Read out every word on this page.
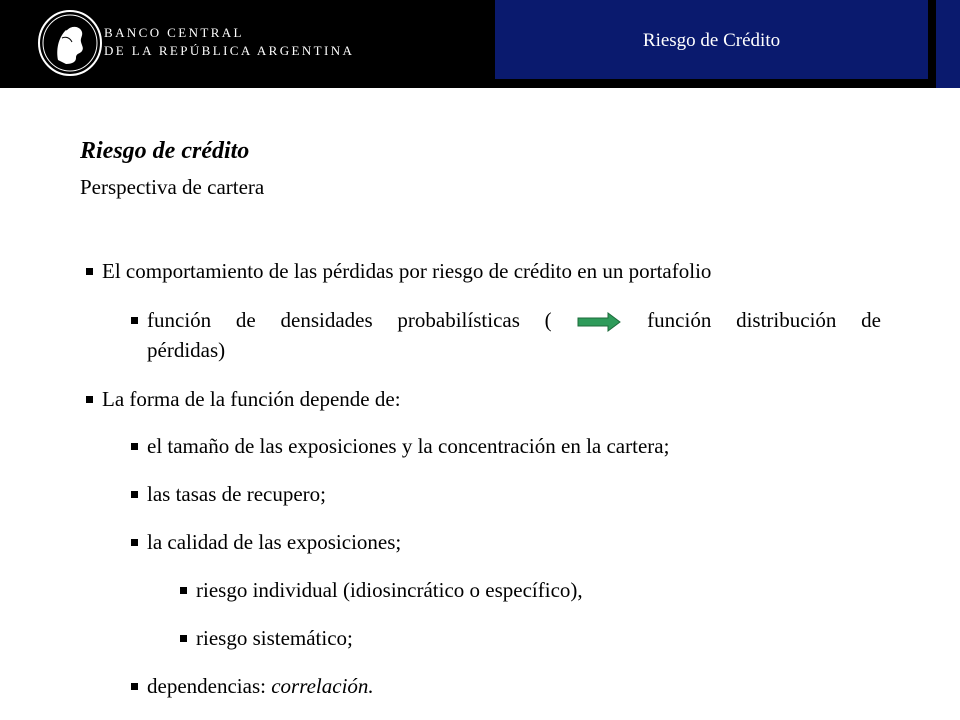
BANCO CENTRAL
DE LA REPÚBLICA ARGENTINA	Riesgo de Crédito
Riesgo de crédito
Perspectiva de cartera
El comportamiento de las pérdidas por riesgo de crédito en un portafolio
función de densidades probabilísticas (	función distribución de
pérdidas)
La forma de la función depende de:
el tamaño de las exposiciones y la concentración en la cartera;
las tasas de recupero;
la calidad de las exposiciones;
riesgo individual (idiosincrático o específico),
riesgo sistemático;
dependencias: correlación.
